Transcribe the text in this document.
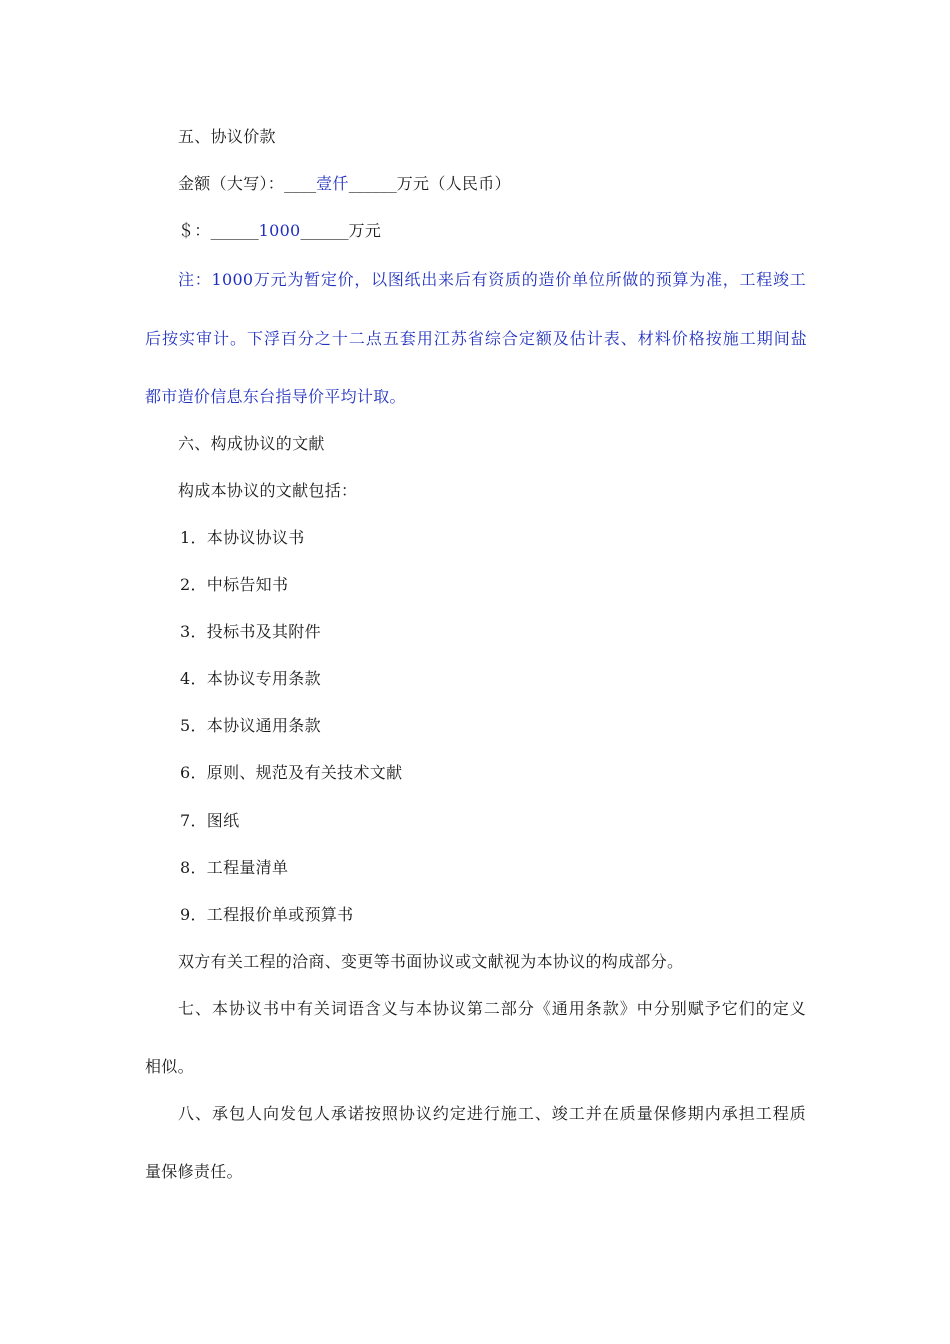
五、协议价款
金额（大写）：____壹仟______万元（人民币）
＄：______1000______万元
注：1000万元为暂定价，以图纸出来后有资质的造价单位所做的预算为准，工程竣工
后按实审计。下浮百分之十二点五套用江苏省综合定额及估计表、材料价格按施工期间盐
都市造价信息东台指导价平均计取。
六、构成协议的文献
构成本协议的文献包括：
1．本协议协议书
2．中标告知书
3．投标书及其附件
4．本协议专用条款
5．本协议通用条款
6．原则、规范及有关技术文献
7．图纸
8．工程量清单
9．工程报价单或预算书
双方有关工程的洽商、变更等书面协议或文献视为本协议的构成部分。
七、本协议书中有关词语含义与本协议第二部分《通用条款》中分别赋予它们的定义
相似。
八、承包人向发包人承诺按照协议约定进行施工、竣工并在质量保修期内承担工程质
量保修责任。
